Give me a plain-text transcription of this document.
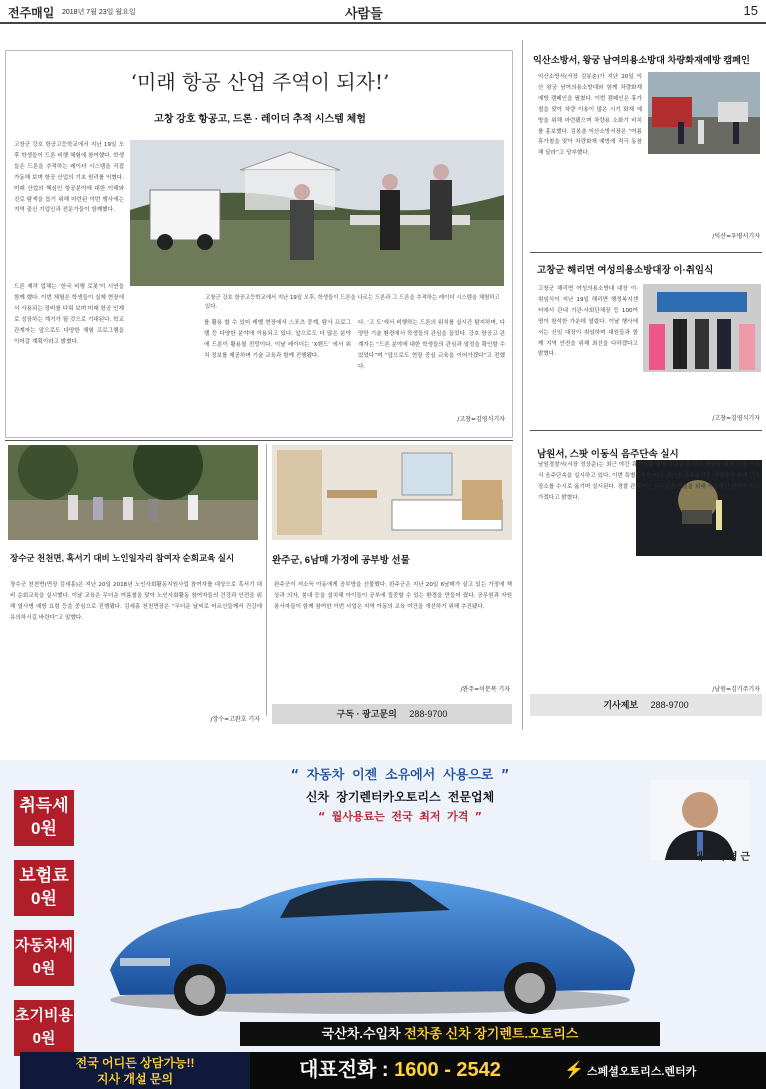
전주매일 2018년 7월 23일 월요일	사람들	15
‘미래 항공 산업 주역이 되자!’
고창 강호 항공고, 드론 · 레이더 추적 시스템 체험
고창군 강호 항공고등학교에서 지난 19일 오후 학생들이 드론 비행 체험에 참여했다. 학생들은 드론을 추적하는 레이더 시스템을 직접 가동해 보며 항공 산업의 기초 원리를 익혔다. 미래 산업의 핵심인 항공분야에 대한 이해와 진로 탐색을 돕기 위해 마련된 이번 행사에는 지역 출신 기업인과 전문가들이 함께했다.
드론 제작 업체는 ‘한국 비행 로봇’이 시연을 함께 했다. 이번 체험은 학생들이 실제 현장에서 사용되는 장비를 다뤄 보며 미래 항공 인재로 성장하는 계기가 될 것으로 기대된다. 학교 관계자는 앞으로도 다양한 체험 프로그램을 이어갈 계획이라고 밝혔다.
고창군 강호 항공고등학교에서 지난 19일 오후, 학생들이 드론을 나르는 드론과 그 드론을 추적하는 레이더 시스템을 체험하고 있다.
를 활용 할 수 있어 레벨 현장에서 스포츠 중계, 탐사 프로그램 등 다양한 분야에 이용되고 있다. 앞으로도 더 많은 분야에 드론이 활용될 전망이다. 이날 레이더는 ‘X밴드’ 에서 위치 정보를 제공하며 기술 교육과 함께 진행됐다.
다. ‘고 도’에서 비행하는 드론의 위치를 실시간 탐지하며, 다양한 기술 환경에서 학생들의 관심을 끌었다. 강호 항공고 관계자는 “드론 분야에 대한 학생들의 관심과 열정을 확인할 수 있었다”며 “앞으로도 현장 중심 교육을 이어가겠다”고 전했다.
/고창=김영식기자
익산소방서, 왕궁 남여의용소방대 차량화재예방 캠페인
익산소방서(서장 김봉춘)가 지난 20일 익산 왕궁 남여의용소방대와 함께 차량화재 예방 캠페인을 펼쳤다. 이번 캠페인은 휴가철을 맞아 차량 이용이 많은 시기 화재 예방을 위해 마련됐으며 차량용 소화기 비치를 홍보했다. 김봉춘 익산소방서장은 “여름 휴가철을 맞아 차량화재 예방에 적극 동참해 달라”고 당부했다.
/익산=우병서기자
고창군 해리면 여성의용소방대장 이·취임식
고창군 해리면 여성의용소방대 대장 이·취임식이 지난 19일 해리면 행정복지센터에서 관내 기관·사회단체장 등 100여 명이 참석한 가운데 열렸다. 이날 행사에서는 신임 대장이 취임하며 대원들과 함께 지역 안전을 위해 최선을 다하겠다고 밝혔다.
/고창=김영식기자
남원서, 스팟 이동식 음주단속 실시
남원경찰서(서장 정상준)는 최근 야간 휴가철을 맞아 음주운전 사고 예방을 위해 스팟 이동식 음주단속을 실시하고 있다. 이번 특별단속은 야간 휴가철 음주운전을 예방하기 위해 단속 장소를 수시로 옮기며 실시된다. 경찰 관계자는 음주운전 근절을 위해 지속적인 단속을 이어가겠다고 밝혔다.
/남원=김기주기자
기사제보 288-9700
장수군 천천면, 혹서기 대비 노인일자리 참여자 순회교육 실시
장수군 천천면(면장 김세홍)은 지난 20일 2018년 노인사회활동지원사업 참여자를 대상으로 혹서기 대비 순회교육을 실시했다. 이날 교육은 무더운 여름철을 맞아 노인사회활동 참여자들의 건강과 안전을 위해 열사병 예방 요령 등을 중심으로 진행됐다. 김세홍 천천면장은 “무더운 날씨로 어르신들께서 건강에 유의하시길 바란다”고 말했다.
/장수=고완호 기자
완주군, 6남매 가정에 공부방 선물
완주군이 저소득 아동에게 공부방을 선물했다. 완주군은 지난 20일 6남매가 살고 있는 가정에 책상과 의자, 침대 등을 설치해 아이들이 공부에 집중할 수 있는 환경을 만들어 줬다. 공무원과 자원봉사자들이 함께 참여한 이번 사업은 지역 아동의 교육 여건을 개선하기 위해 추진됐다.
/완주=이문복 기자
구독 · 광고문의 288-9700
취득세
0원
보험료
0원
자동차세
0원
초기비용
0원
“ 자동차 이젠 소유에서 사용으로 ”
신차 장기렌터카오토리스 전문업체
“ 월사용료는 전국 최저 가격 ”
대표 이 영 근
국산차.수입차 전차종 신차 장기렌트.오토리스
전국 어디든 상담가능!!
지사 개설 문의	대표전화 : 1600 - 2542	⚡ 스페셜오토리스.렌터카
